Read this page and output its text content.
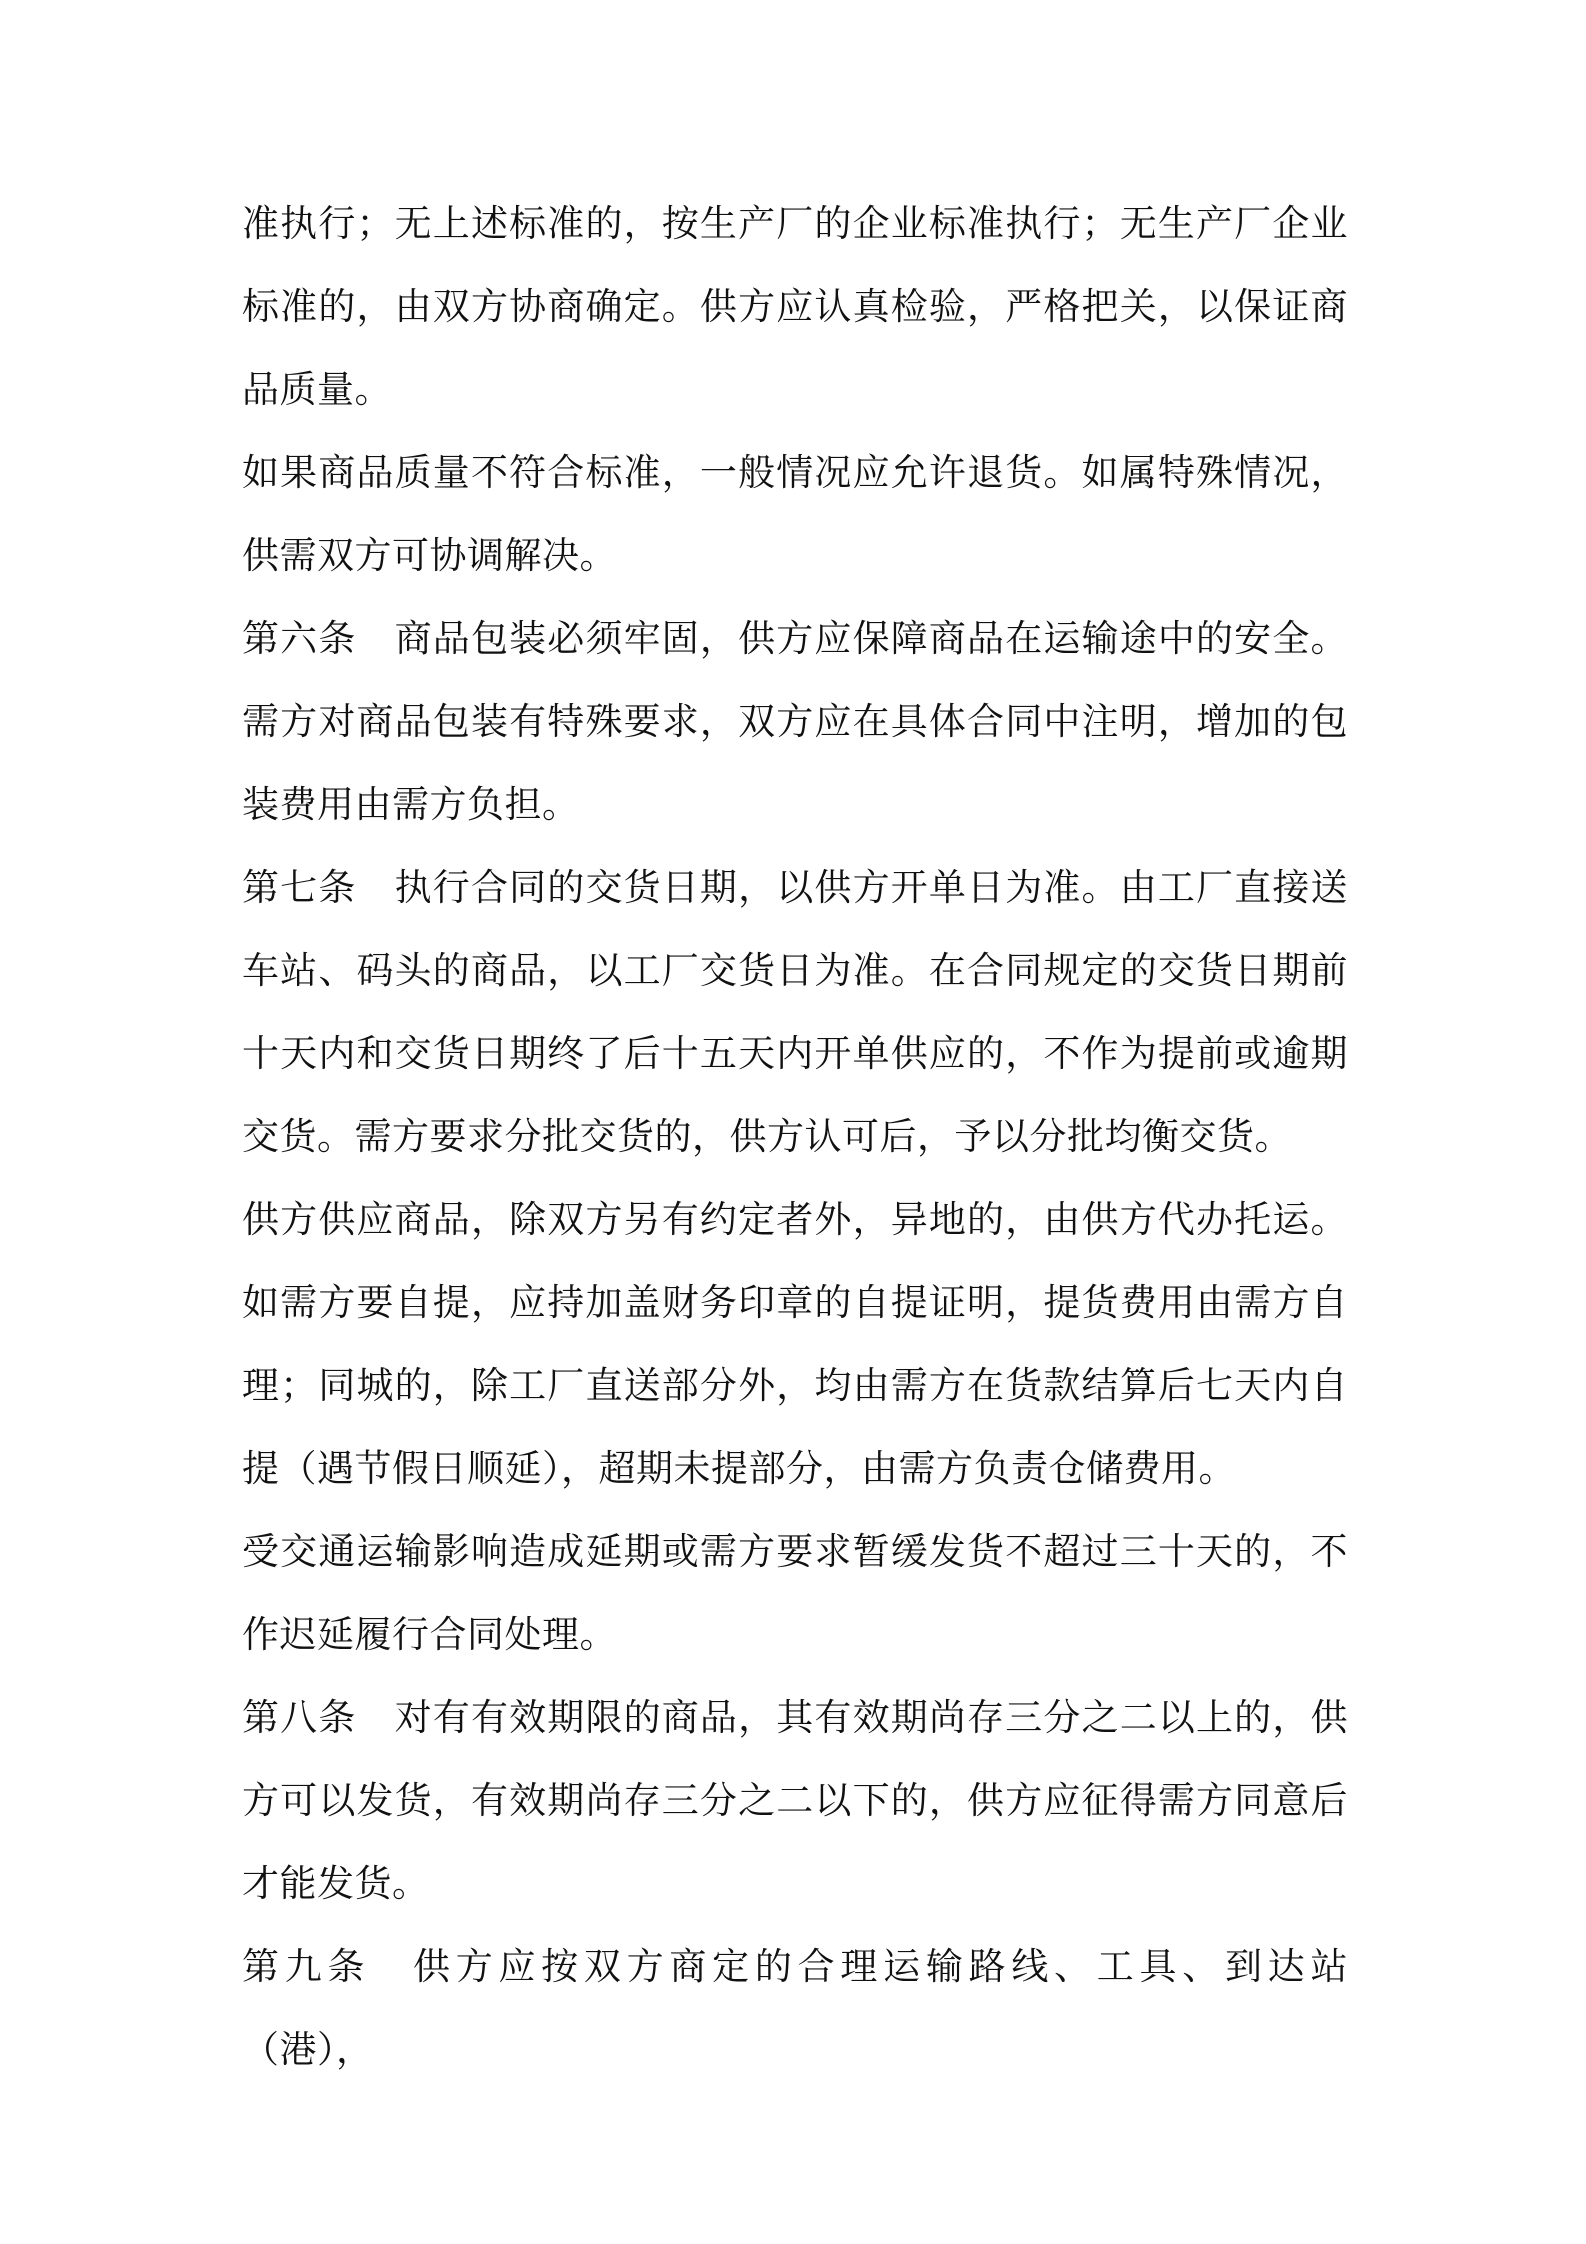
准执行；无上述标准的，按生产厂的企业标准执行；无生产厂企业标准的，由双方协商确定。供方应认真检验，严格把关，以保证商品质量。

如果商品质量不符合标准，一般情况应允许退货。如属特殊情况，供需双方可协调解决。

第六条　商品包装必须牢固，供方应保障商品在运输途中的安全。需方对商品包装有特殊要求，双方应在具体合同中注明，增加的包装费用由需方负担。

第七条　执行合同的交货日期，以供方开单日为准。由工厂直接送车站、码头的商品，以工厂交货日为准。在合同规定的交货日期前十天内和交货日期终了后十五天内开单供应的，不作为提前或逾期交货。需方要求分批交货的，供方认可后，予以分批均衡交货。

供方供应商品，除双方另有约定者外，异地的，由供方代办托运。如需方要自提，应持加盖财务印章的自提证明，提货费用由需方自理；同城的，除工厂直送部分外，均由需方在货款结算后七天内自提（遇节假日顺延），超期未提部分，由需方负责仓储费用。

受交通运输影响造成延期或需方要求暂缓发货不超过三十天的，不作迟延履行合同处理。

第八条　对有有效期限的商品，其有效期尚存三分之二以上的，供方可以发货，有效期尚存三分之二以下的，供方应征得需方同意后才能发货。

第九条　供方应按双方商定的合理运输路线、工具、到达站（港），
